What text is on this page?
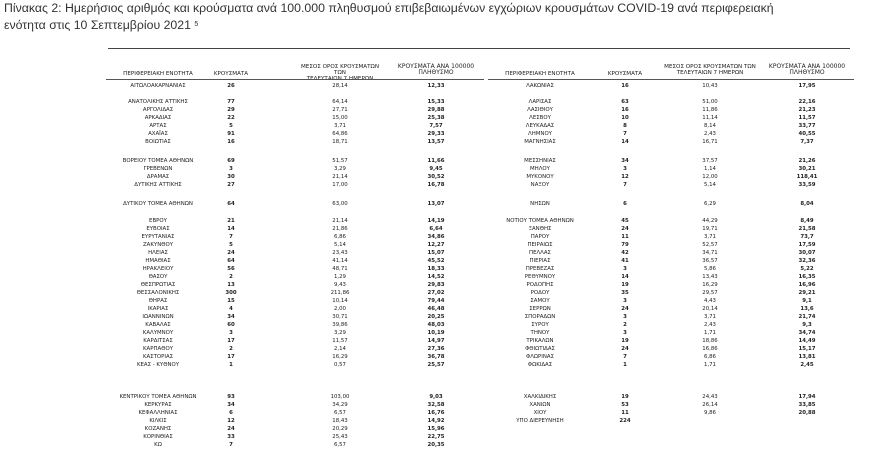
Πίνακας 2: Ημερήσιος αριθμός και κρούσματα ανά 100.000 πληθυσμού επιβεβαιωμένων εγχώριων κρουσμάτων COVID-19 ανά περιφερειακή
ενότητα στις 10 Σεπτεμβρίου 2021 $^5$
ΠΕΡΙΦΕΡΕΙΑΚΗ ΕΝΟΤΗΤΑ	ΚΡΟΥΣΜΑΤΑ
ΜΕΣΟΣ ΟΡΟΣ ΚΡΟΥΣΜΑΤΩΝ ΤΩΝ
ΤΕΛΕΥΤΑΙΩΝ 7 ΗΜΕΡΩΝ
ΚΡΟΥΣΜΑΤΑ ΑΝΑ 100000
ΠΛΗΘΥΣΜΟ	ΠΕΡΙΦΕΡΕΙΑΚΗ ΕΝΟΤΗΤΑ	ΚΡΟΥΣΜΑΤΑ
ΜΕΣΟΣ ΟΡΟΣ ΚΡΟΥΣΜΑΤΩΝ ΤΩΝ
ΤΕΛΕΥΤΑΙΩΝ 7 ΗΜΕΡΩΝ
ΚΡΟΥΣΜΑΤΑ ΑΝΑ 100000
ΠΛΗΘΥΣΜΟ
ΑΙΤΩΛΟΑΚΑΡΝΑΝΙΑΣ	26	28,14	12,33
ΑΝΑΤΟΛΙΚΗΣ ΑΤΤΙΚΗΣ	77	64,14	15,33
ΑΡΓΟΛΙΔΑΣ	29	27,71	29,88
ΑΡΚΑΔΙΑΣ	22	15,00	25,38
ΑΡΤΑΣ	5	3,71	7,57
ΑΧΑΪΑΣ	91	64,86	29,33
ΒΟΙΩΤΙΑΣ	16	18,71	13,57
ΒΟΡΕΙΟΥ ΤΟΜΕΑ ΑΘΗΝΩΝ	69	51,57	11,66
ΓΡΕΒΕΝΩΝ	3	3,29	9,45
ΔΡΑΜΑΣ	30	21,14	30,52
ΔΥΤΙΚΗΣ ΑΤΤΙΚΗΣ	27	17,00	16,78
ΔΥΤΙΚΟΥ ΤΟΜΕΑ ΑΘΗΝΩΝ	64	63,00	13,07
ΕΒΡΟΥ	21	21,14	14,19
ΕΥΒΟΙΑΣ	14	21,86	6,64
ΕΥΡΥΤΑΝΙΑΣ	7	6,86	34,86
ΖΑΚΥΝΘΟΥ	5	5,14	12,27
ΗΛΕΙΑΣ	24	23,43	15,07
ΗΜΑΘΙΑΣ	64	41,14	45,52
ΗΡΑΚΛΕΙΟΥ	56	48,71	18,33
ΘΑΣΟΥ	2	1,29	14,52
ΘΕΣΠΡΩΤΙΑΣ	13	9,43	29,83
ΘΕΣΣΑΛΟΝΙΚΗΣ	300	211,86	27,02
ΘΗΡΑΣ	15	10,14	79,44
ΙΚΑΡΙΑΣ	4	2,00	46,48
ΙΩΑΝΝΙΝΩΝ	34	30,71	20,25
ΚΑΒΑΛΑΣ	60	39,86	48,03
ΚΑΛΥΜΝΟΥ	3	3,29	10,19
ΚΑΡΔΙΤΣΑΣ	17	11,57	14,97
ΚΑΡΠΑΘΟΥ	2	2,14	27,36
ΚΑΣΤΟΡΙΑΣ	17	16,29	36,78
ΚΕΑΣ - ΚΥΘΝΟΥ	1	0,57	25,57
ΚΕΝΤΡΙΚΟΥ ΤΟΜΕΑ ΑΘΗΝΩΝ	93	103,00	9,03
ΚΕΡΚΥΡΑΣ	34	34,29	32,58
ΚΕΦΑΛΛΗΝΙΑΣ	6	6,57	16,76
ΚΙΛΚΙΣ	12	18,43	14,92
ΚΟΖΑΝΗΣ	24	20,29	15,96
ΚΟΡΙΝΘΙΑΣ	33	25,43	22,75
ΚΩ	7	6,57	20,35
ΛΑΚΩΝΙΑΣ	16	10,43	17,95
ΛΑΡΙΣΑΣ	63	51,00	22,16
ΛΑΣΙΘΙΟΥ	16	11,86	21,23
ΛΕΣΒΟΥ	10	11,14	11,57
ΛΕΥΚΑΔΑΣ	8	8,14	33,77
ΛΗΜΝΟΥ	7	2,43	40,55
ΜΑΓΝΗΣΙΑΣ	14	16,71	7,37
ΜΕΣΣΗΝΙΑΣ	34	37,57	21,26
ΜΗΛΟΥ	3	1,14	30,21
ΜΥΚΟΝΟΥ	12	12,00	118,41
ΝΑΞΟΥ	7	5,14	33,59
ΝΗΣΩΝ	6	6,29	8,04
ΝΟΤΙΟΥ ΤΟΜΕΑ ΑΘΗΝΩΝ	45	44,29	8,49
ΞΑΝΘΗΣ	24	19,71	21,58
ΠΑΡΟΥ	11	3,71	73,7
ΠΕΙΡΑΙΩΣ	79	52,57	17,59
ΠΕΛΛΑΣ	42	34,71	30,07
ΠΙΕΡΙΑΣ	41	36,57	32,36
ΠΡΕΒΕΖΑΣ	3	5,86	5,22
ΡΕΘΥΜΝΟΥ	14	13,43	16,35
ΡΟΔΟΠΗΣ	19	16,29	16,96
ΡΟΔΟΥ	35	29,57	29,21
ΣΑΜΟΥ	3	4,43	9,1
ΣΕΡΡΩΝ	24	20,14	13,6
ΣΠΟΡΑΔΩΝ	3	3,71	21,74
ΣΥΡΟΥ	2	2,43	9,3
ΤΗΝΟΥ	3	1,71	34,74
ΤΡΙΚΑΛΩΝ	19	18,86	14,49
ΦΘΙΩΤΙΔΑΣ	24	16,86	15,17
ΦΛΩΡΙΝΑΣ	7	6,86	13,81
ΦΩΚΙΔΑΣ	1	1,71	2,45
ΧΑΛΚΙΔΙΚΗΣ	19	24,43	17,94
ΧΑΝΙΩΝ	53	26,14	33,85
ΧΙΟΥ	11	9,86	20,88
ΥΠΟ ΔΙΕΡΕΥΝΗΣΗ	224
